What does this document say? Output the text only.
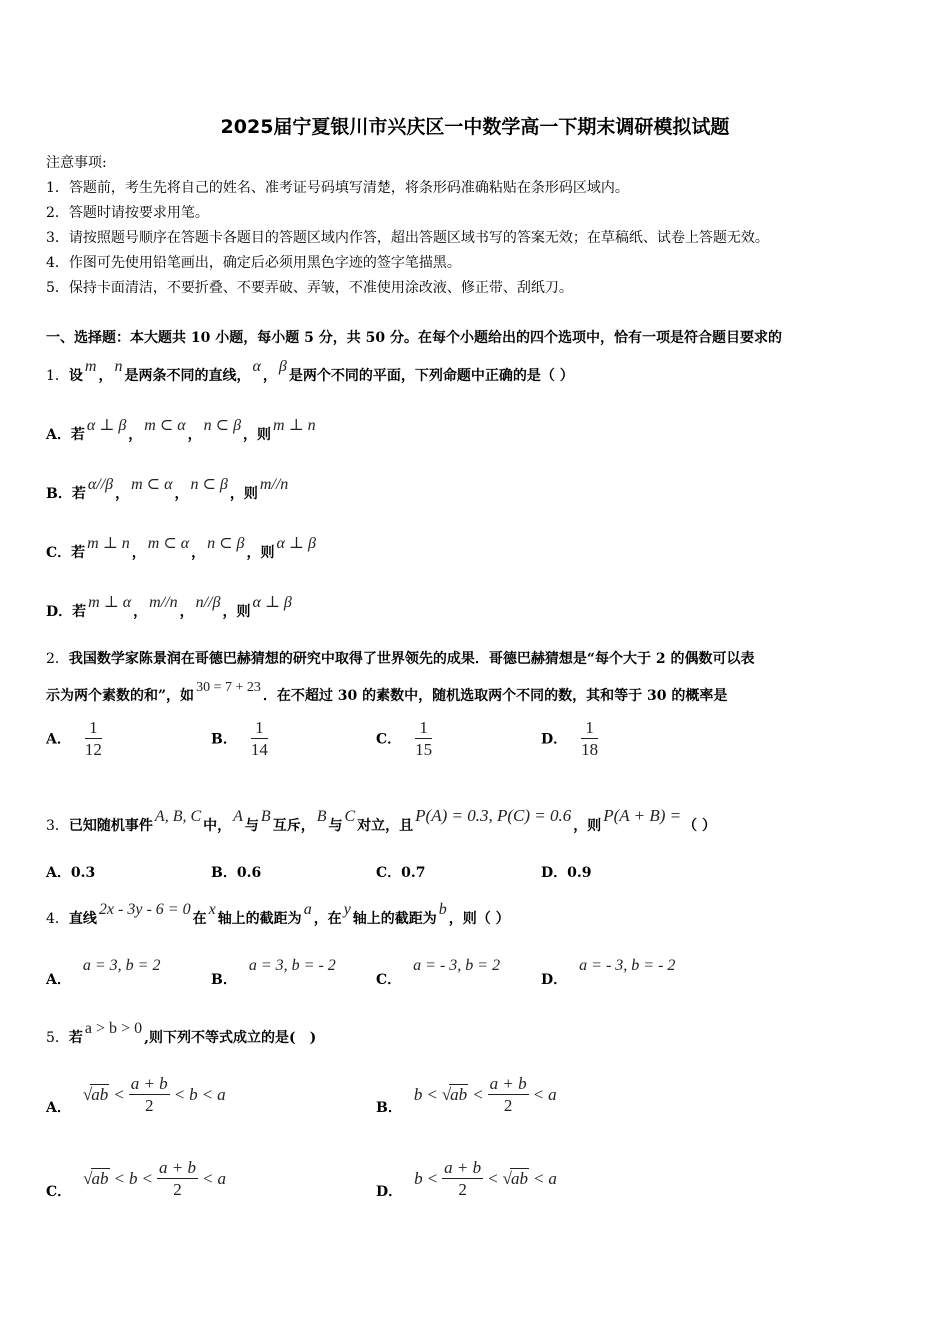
2025届宁夏银川市兴庆区一中数学高一下期末调研模拟试题
注意事项:
1．答题前，考生先将自己的姓名、准考证号码填写清楚，将条形码准确粘贴在条形码区域内。
2．答题时请按要求用笔。
3．请按照题号顺序在答题卡各题目的答题区域内作答，超出答题区域书写的答案无效；在草稿纸、试卷上答题无效。
4．作图可先使用铅笔画出，确定后必须用黑色字迹的签字笔描黑。
5．保持卡面清洁，不要折叠、不要弄破、弄皱，不准使用涂改液、修正带、刮纸刀。
一、选择题：本大题共 10 小题，每小题 5 分，共 50 分。在每个小题给出的四个选项中，恰有一项是符合题目要求的
1．设m，n是两条不同的直线，α，β是两个不同的平面，下列命题中正确的是（ ）
A．若α ⊥ β，m ⊂ α，n ⊂ β，则m ⊥ n
B．若α//β，m ⊂ α，n ⊂ β，则m//n
C．若m ⊥ n，m ⊂ α，n ⊂ β，则α ⊥ β
D．若m ⊥ α，m//n，n//β，则α ⊥ β
2．我国数学家陈景润在哥德巴赫猜想的研究中取得了世界领先的成果．哥德巴赫猜想是“每个大于 2 的偶数可以表
示为两个素数的和”，如30 = 7 + 23．在不超过 30 的素数中，随机选取两个不同的数，其和等于 30 的概率是
A． $\frac{1}{12}$	B． $\frac{1}{14}$	C． $\frac{1}{15}$	D． $\frac{1}{18}$
3．已知随机事件A, B, C中，A与B互斥，B与C对立，且P(A) = 0.3, P(C) = 0.6，则P(A + B) =（ ）
A．0.3	B．0.6	C．0.7	D．0.9
4．直线2x - 3y - 6 = 0在x轴上的截距为a，在y轴上的截距为b，则（ ）
A．a = 3, b = 2
B．a = 3, b = - 2
C．a = - 3, b = 2
D．a = - 3, b = - 2
5．若a > b > 0,则下列不等式成立的是(　)
A．
$√ab < \frac{a + b}{2} < b < a$
B．
$b < √ab < \frac{a + b}{2} < a$
C．
$√ab < b < \frac{a + b}{2} < a$
D．
$b < \frac{a + b}{2} < √ab < a$
